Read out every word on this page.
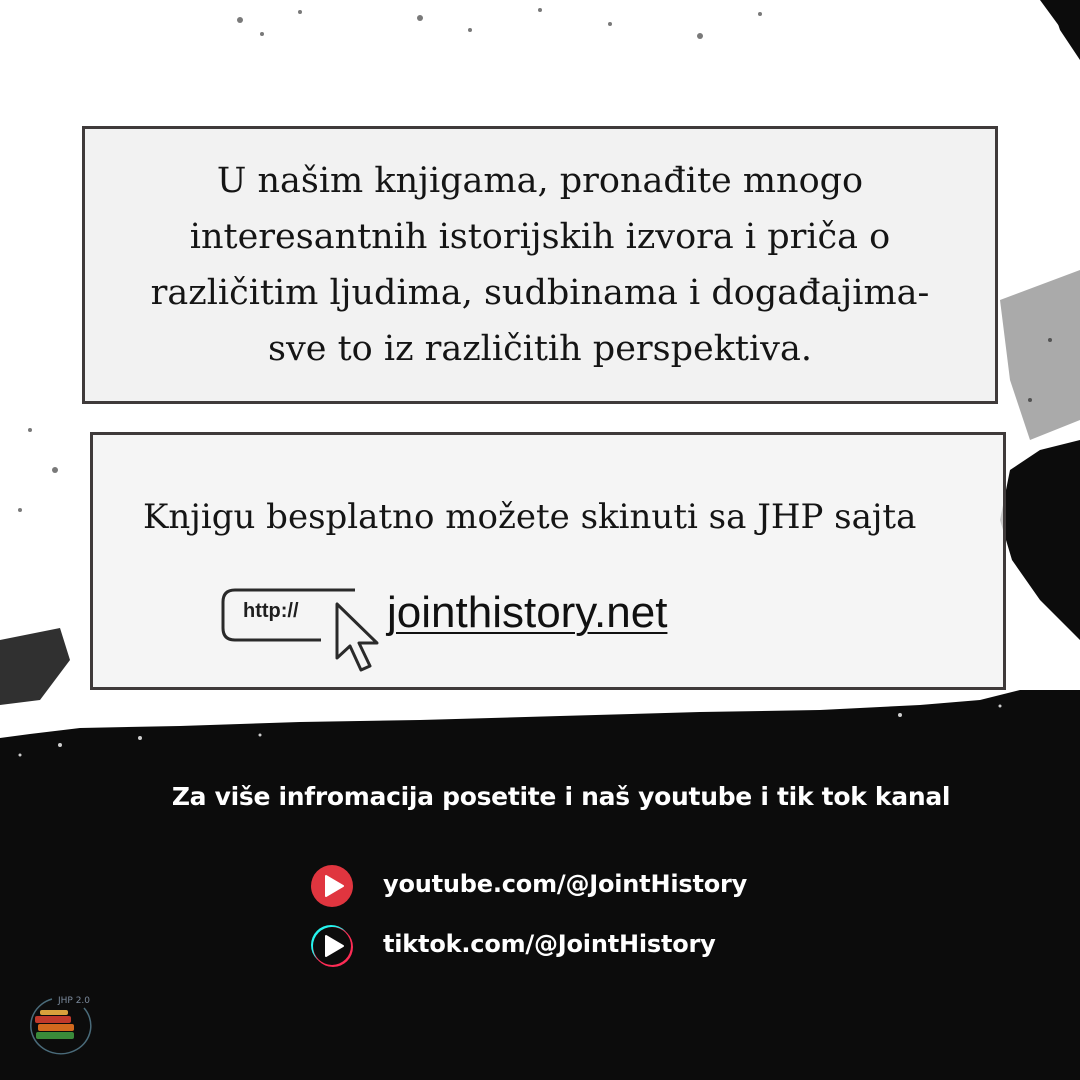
U našim knjigama, pronađite mnogo
interesantnih istorijskih izvora i priča o
različitim ljudima, sudbinama i događajima-
sve to iz različitih perspektiva.
Knjigu besplatno možete skinuti sa JHP sajta
http:// jointhistory.net
Za više infromacija posetite i naš youtube i tik tok kanal
youtube.com/@JointHistory
tiktok.com/@JointHistory
JHP 2.0
